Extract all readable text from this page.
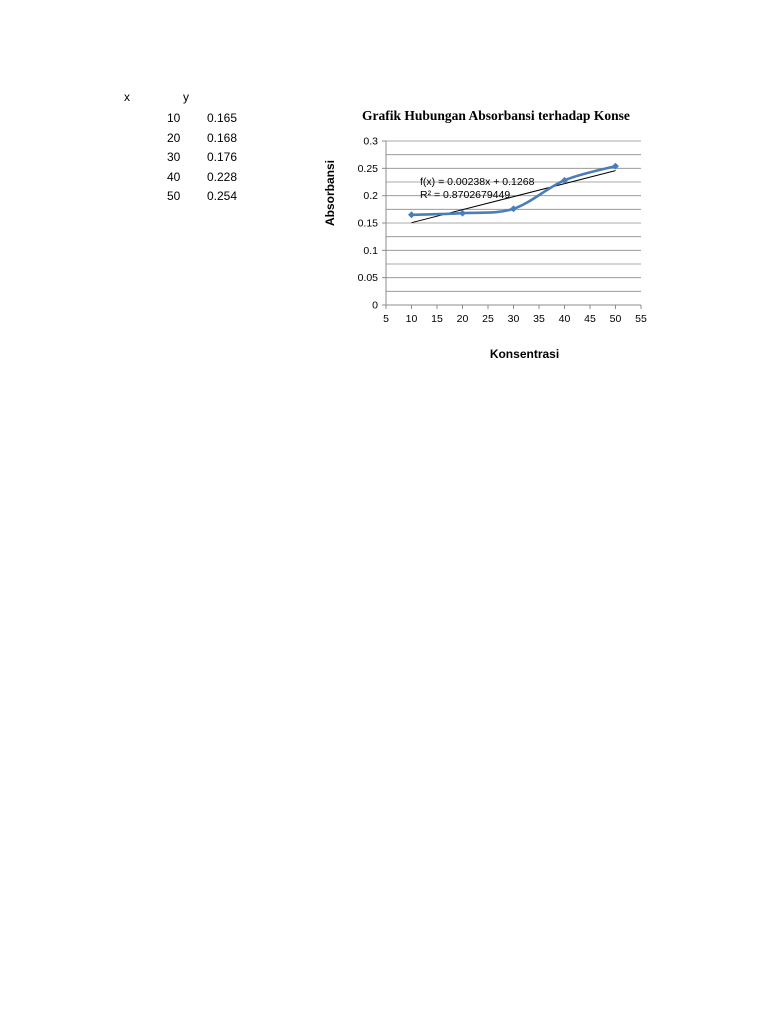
x	y
10 0.165
20 0.168
30 0.176
40 0.228
50 0.254
Grafik Hubungan Absorbansi terhadap Konse
0
0.05
0.1
0.15
0.2
0.25
0.3
5 10 15 20 25 30 35 40 45 50 55
Absorbansi
Konsentrasi
f(x) = 0.00238x + 0.1268
R² = 0.8702679449
